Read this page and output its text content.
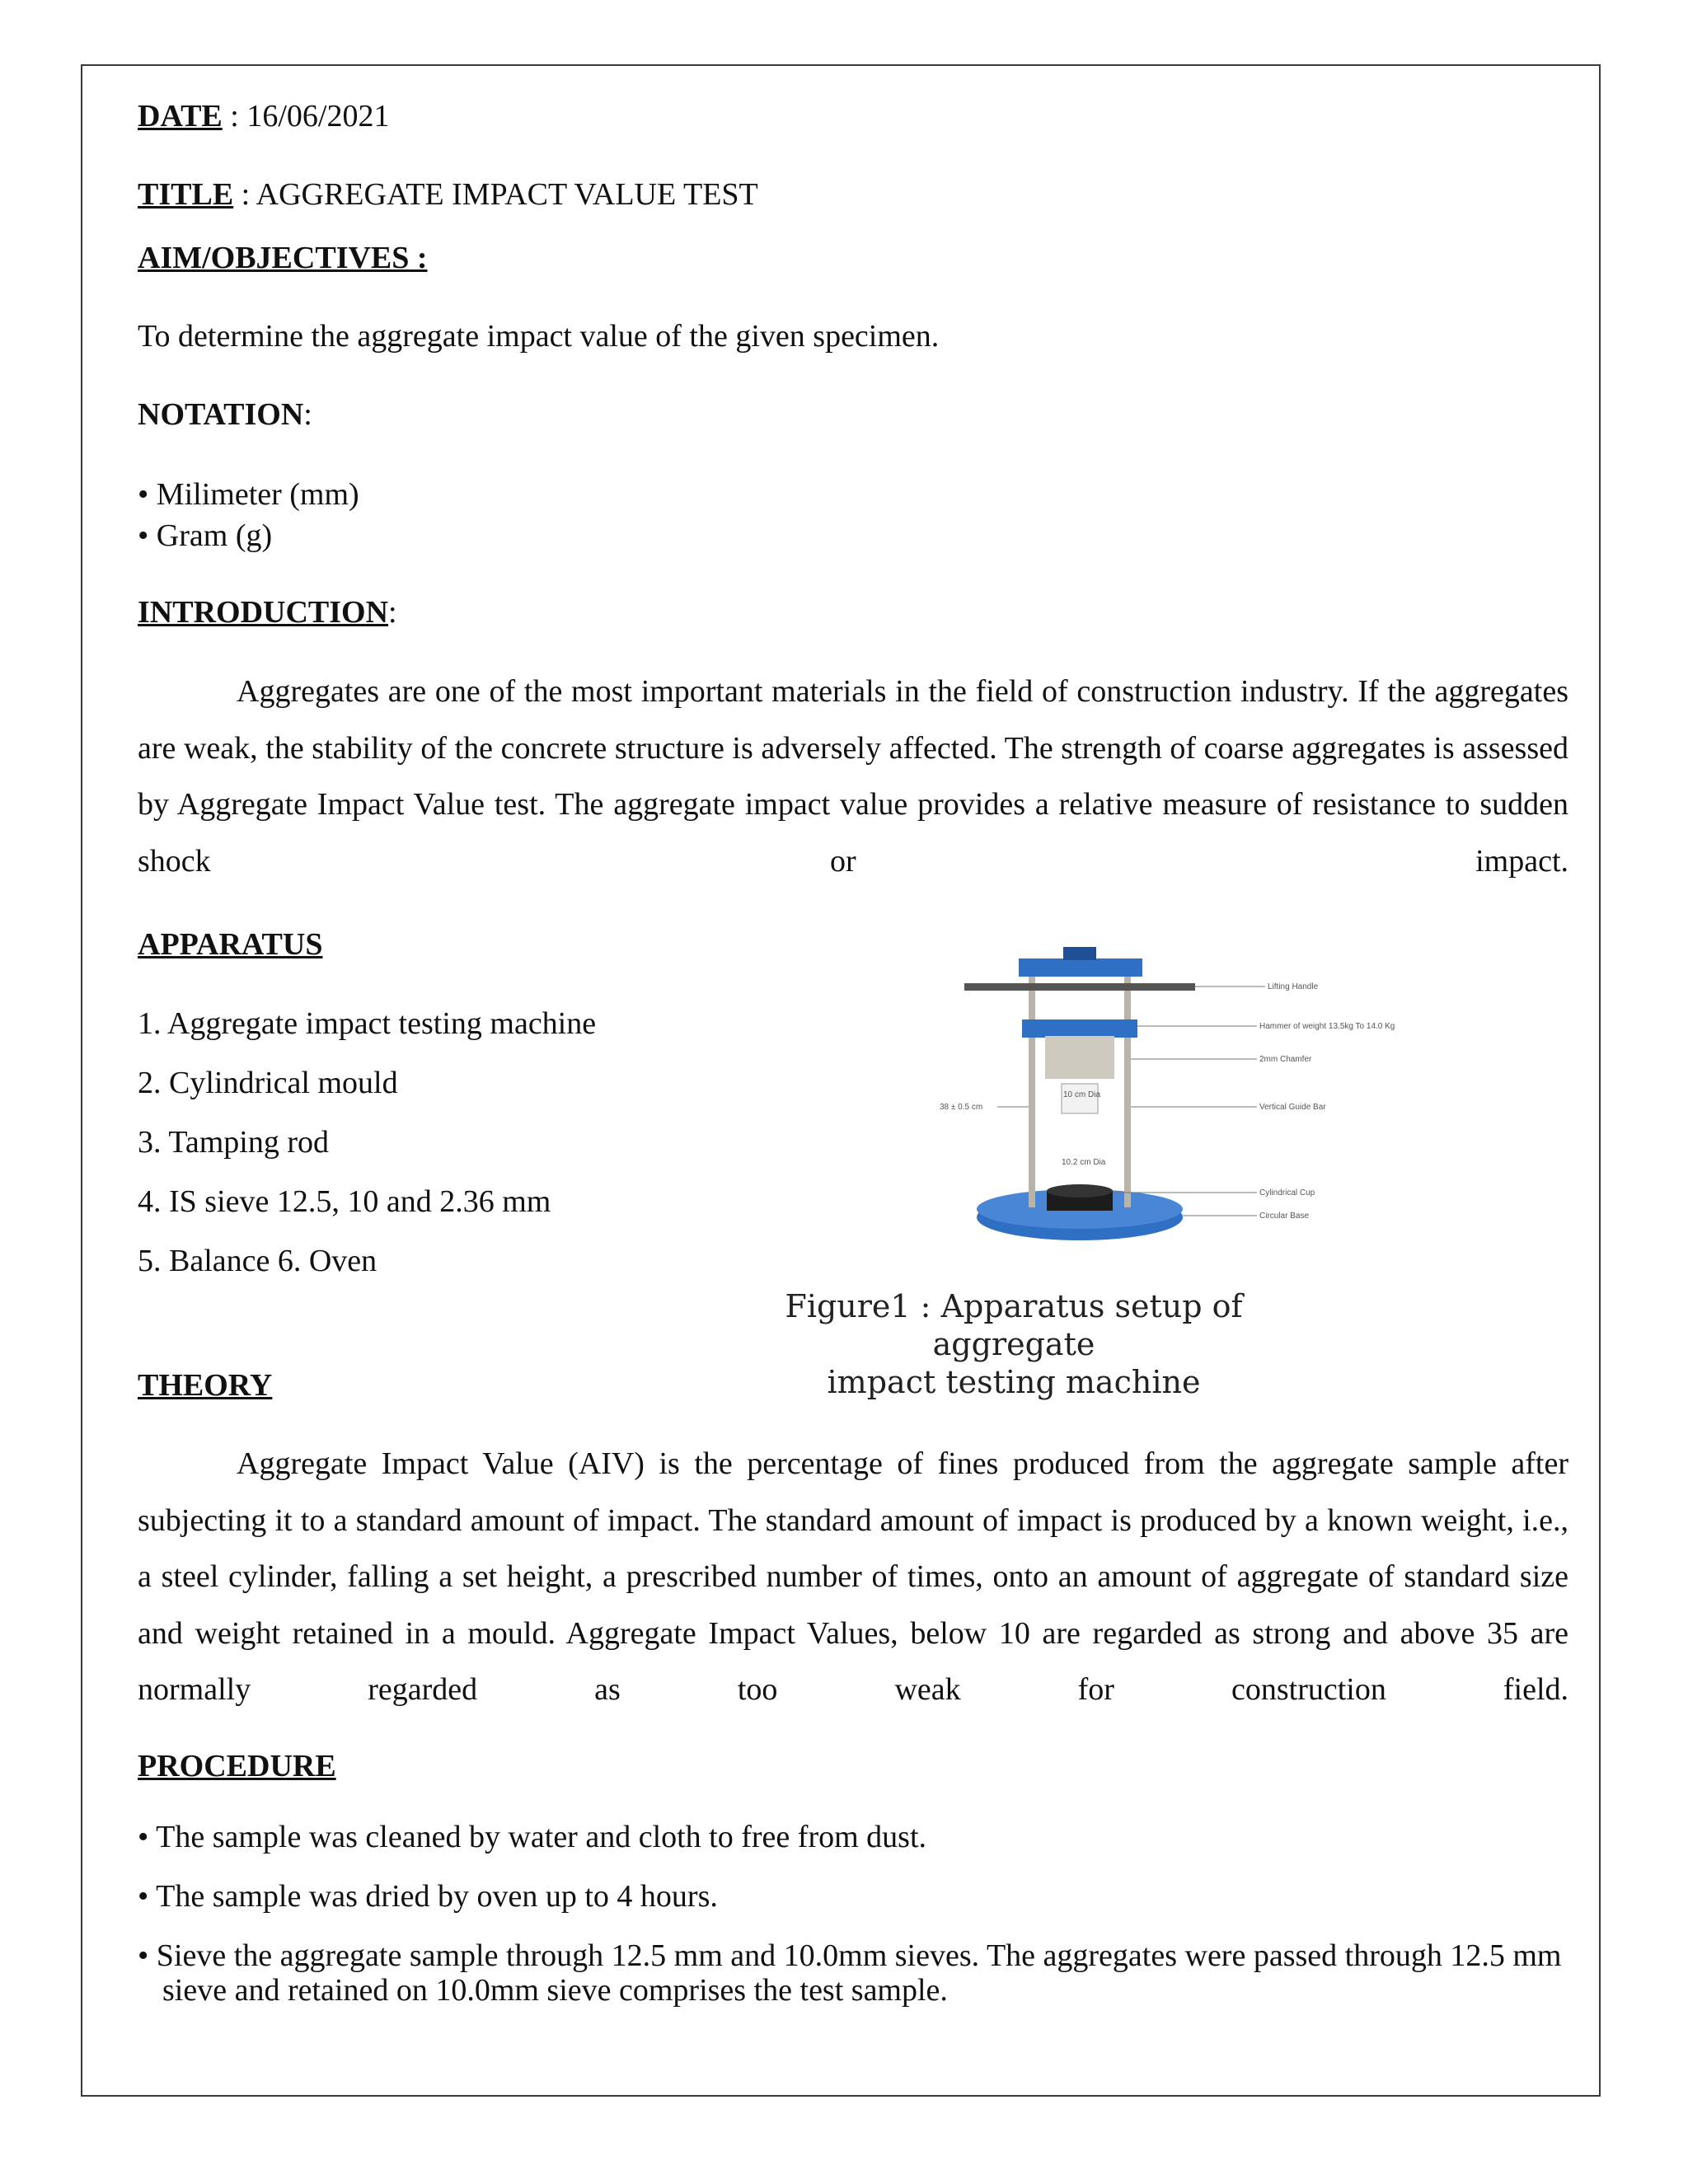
DATE : 16/06/2021
TITLE : AGGREGATE IMPACT VALUE TEST
AIM/OBJECTIVES :
To determine the aggregate impact value of the given specimen.
NOTATION:
• Milimeter (mm)
• Gram (g)
INTRODUCTION:
Aggregates are one of the most important materials in the field of construction industry. If the aggregates are weak, the stability of the concrete structure is adversely affected. The strength of coarse aggregates is assessed by Aggregate Impact Value test. The aggregate impact value provides a relative measure of resistance to sudden shock or impact.
APPARATUS
1. Aggregate impact testing machine
2. Cylindrical mould
3. Tamping rod
4. IS sieve 12.5, 10 and 2.36 mm
5. Balance 6. Oven
Lifting Handle
Hammer of weight 13.5kg To 14.0 Kg
2mm Chamfer
Vertical Guide Bar
Cylindrical Cup
Circular Base
38 ± 0.5 cm
10 cm Dia
10.2 cm Dia
Figure1 : Apparatus setup of aggregate
impact testing machine
THEORY
Aggregate Impact Value (AIV) is the percentage of fines produced from the aggregate sample after subjecting it to a standard amount of impact. The standard amount of impact is produced by a known weight, i.e., a steel cylinder, falling a set height, a prescribed number of times, onto an amount of aggregate of standard size and weight retained in a mould. Aggregate Impact Values, below 10 are regarded as strong and above 35 are normally regarded as too weak for construction field.
PROCEDURE
• The sample was cleaned by water and cloth to free from dust.
• The sample was dried by oven up to 4 hours.
• Sieve the aggregate sample through 12.5 mm and 10.0mm sieves. The aggregates were passed through 12.5 mm sieve and retained on 10.0mm sieve comprises the test sample.
